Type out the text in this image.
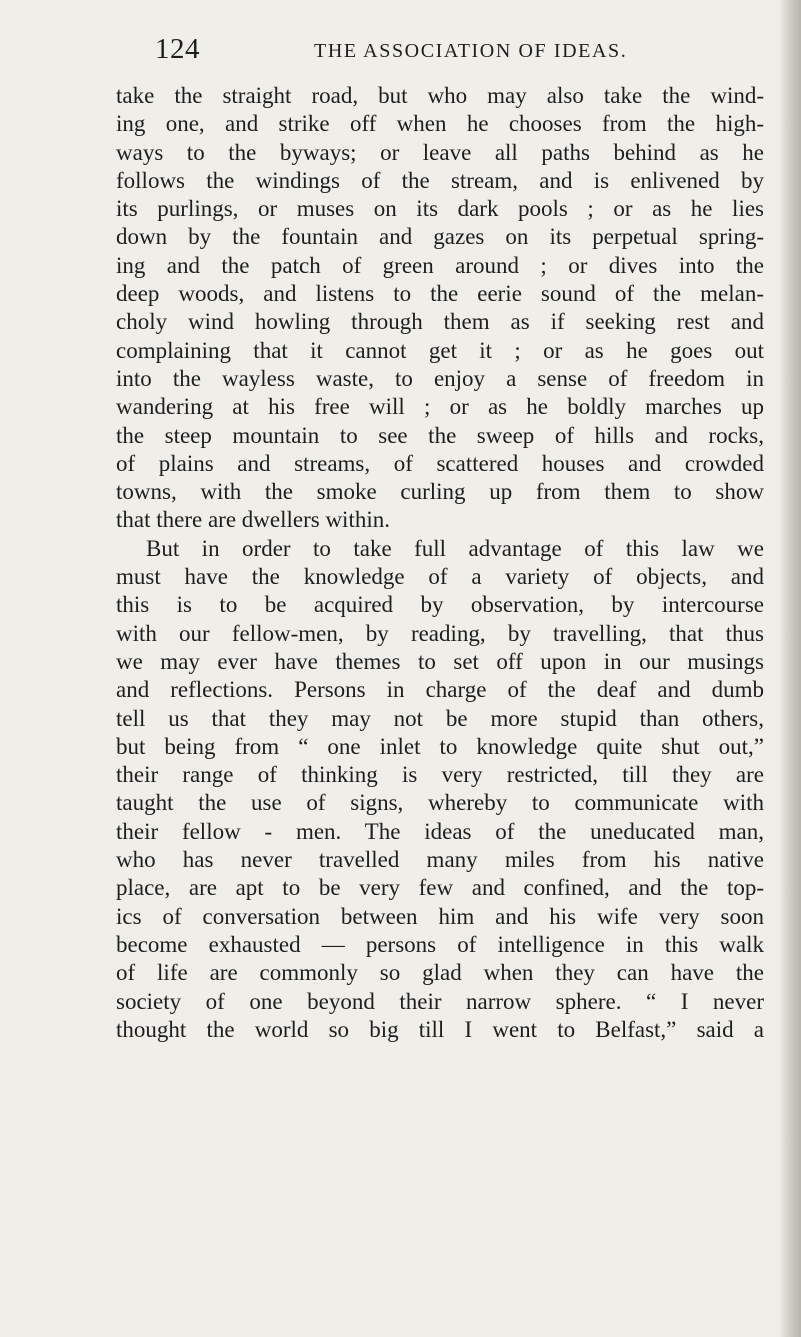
124	THE ASSOCIATION OF IDEAS.
take the straight road, but who may also take the wind-
ing one, and strike off when he chooses from the high-
ways to the byways; or leave all paths behind as he
follows the windings of the stream, and is enlivened by
its purlings, or muses on its dark pools ; or as he lies
down by the fountain and gazes on its perpetual spring-
ing and the patch of green around ; or dives into the
deep woods, and listens to the eerie sound of the melan-
choly wind howling through them as if seeking rest and
complaining that it cannot get it ; or as he goes out
into the wayless waste, to enjoy a sense of freedom in
wandering at his free will ; or as he boldly marches up
the steep mountain to see the sweep of hills and rocks,
of plains and streams, of scattered houses and crowded
towns, with the smoke curling up from them to show
that there are dwellers within.
But in order to take full advantage of this law we
must have the knowledge of a variety of objects, and
this is to be acquired by observation, by intercourse
with our fellow-men, by reading, by travelling, that thus
we may ever have themes to set off upon in our musings
and reflections. Persons in charge of the deaf and dumb
tell us that they may not be more stupid than others,
but being from “ one inlet to knowledge quite shut out,”
their range of thinking is very restricted, till they are
taught the use of signs, whereby to communicate with
their fellow - men. The ideas of the uneducated man,
who has never travelled many miles from his native
place, are apt to be very few and confined, and the top-
ics of conversation between him and his wife very soon
become exhausted — persons of intelligence in this walk
of life are commonly so glad when they can have the
society of one beyond their narrow sphere. “ I never
thought the world so big till I went to Belfast,” said a
